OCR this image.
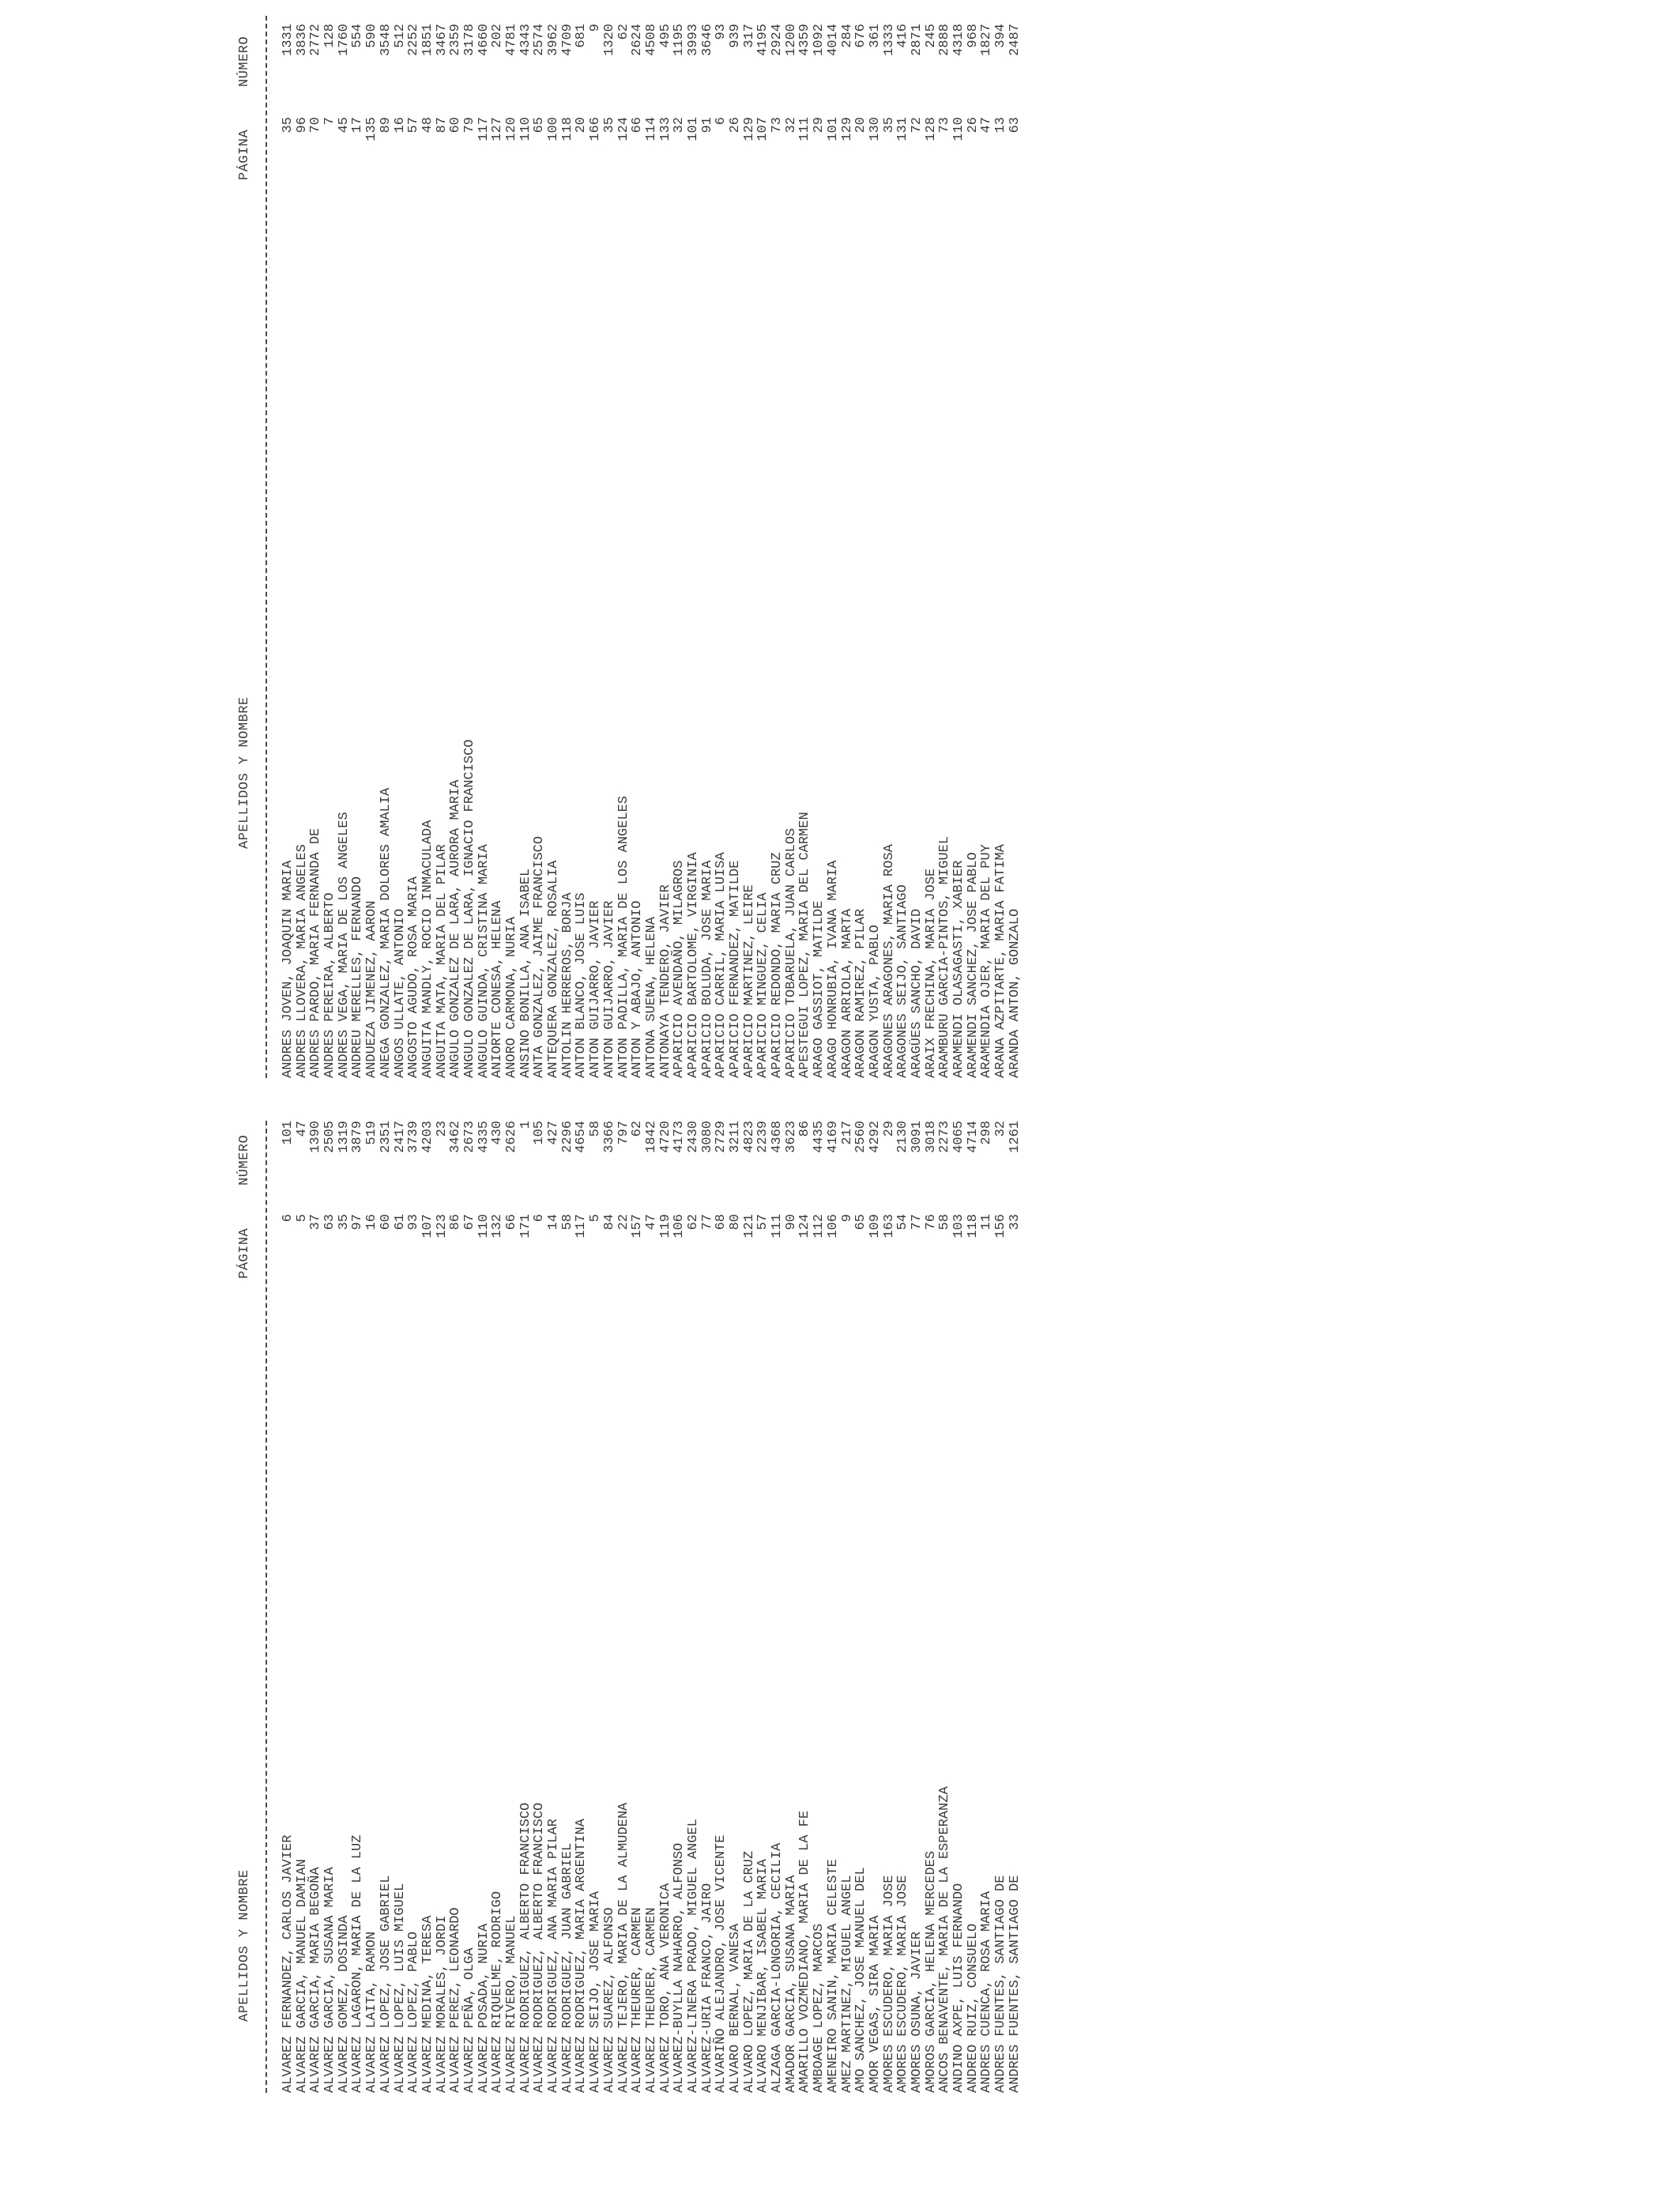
APELLIDOS Y NOMBRE
PÁGINA
NÚMERO
ALVAREZ FERNANDEZ, CARLOS JAVIER
6
101
ALVAREZ GARCIA, MANUEL DAMIAN
5
47
ALVAREZ GARCIA, MARIA BEGOÑA
37
1390
ALVAREZ GARCIA, SUSANA MARIA
63
2505
ALVAREZ GOMEZ, DOSINDA
35
1319
ALVAREZ LAGARON, MARIA DE LA LUZ
97
3879
ALVAREZ LAITA, RAMON
16
519
ALVAREZ LOPEZ, JOSE GABRIEL
60
2351
ALVAREZ LOPEZ, LUIS MIGUEL
61
2417
ALVAREZ LOPEZ, PABLO
93
3739
ALVAREZ MEDINA, TERESA
107
4203
ALVAREZ MORALES, JORDI
123
23
ALVAREZ PEREZ, LEONARDO
86
3462
ALVAREZ PEÑA, OLGA
67
2673
ALVAREZ POSADA, NURIA
110
4335
ALVAREZ RIQUELME, RODRIGO
132
430
ALVAREZ RIVERO, MANUEL
66
2626
ALVAREZ RODRIGUEZ, ALBERTO FRANCISCO
171
1
ALVAREZ RODRIGUEZ, ALBERTO FRANCISCO
6
105
ALVAREZ RODRIGUEZ, ANA MARIA PILAR
14
427
ALVAREZ RODRIGUEZ, JUAN GABRIEL
58
2296
ALVAREZ RODRIGUEZ, MARIA ARGENTINA
117
4654
ALVAREZ SEIJO, JOSE MARIA
5
58
ALVAREZ SUAREZ, ALFONSO
84
3366
ALVAREZ TEJERO, MARIA DE LA ALMUDENA
22
797
ALVAREZ THEURER, CARMEN
157
62
ALVAREZ THEURER, CARMEN
47
1842
ALVAREZ TORO, ANA VERONICA
119
4720
ALVAREZ-BUYLLA NAHARRO, ALFONSO
106
4173
ALVAREZ-LINERA PRADO, MIGUEL ANGEL
62
2430
ALVAREZ-URIA FRANCO, JAIRO
77
3080
ALVARIÑO ALEJANDRO, JOSE VICENTE
68
2729
ALVARO BERNAL, VANESA
80
3211
ALVARO LOPEZ, MARIA DE LA CRUZ
121
4823
ALVARO MENJIBAR, ISABEL MARIA
57
2239
ALZAGA GARCIA-LONGORIA, CECILIA
111
4368
AMADOR GARCIA, SUSANA MARIA
90
3623
AMARILLO VOZMEDIANO, MARIA DE LA FE
124
86
AMBOAGE LOPEZ, MARCOS
112
4435
AMENEIRO SANIN, MARIA CELESTE
106
4169
AMEZ MARTINEZ, MIGUEL ANGEL
9
217
AMO SANCHEZ, JOSE MANUEL DEL
65
2560
AMOR VEGAS, SIRA MARIA
109
4292
AMORES ESCUDERO, MARIA JOSE
163
29
AMORES ESCUDERO, MARIA JOSE
54
2130
AMORES OSUNA, JAVIER
77
3091
AMOROS GARCIA, HELENA MERCEDES
76
3018
ANCOS BENAVENTE, MARIA DE LA ESPERANZA
58
2273
ANDINO AXPE, LUIS FERNANDO
103
4065
ANDREO RUIZ, CONSUELO
118
4714
ANDRES CUENCA, ROSA MARIA
11
298
ANDRES FUENTES, SANTIAGO DE
156
32
ANDRES FUENTES, SANTIAGO DE
33
1261
APELLIDOS Y NOMBRE
PÁGINA
NÚMERO
ANDRES JOVEN, JOAQUIN MARIA
35
1331
ANDRES LLOVERA, MARIA ANGELES
96
3836
ANDRES PARDO, MARIA FERNANDA DE
70
2772
ANDRES PEREIRA, ALBERTO
7
128
ANDRES VEGA, MARIA DE LOS ANGELES
45
1760
ANDREU MERELLES, FERNANDO
17
554
ANDUEZA JIMENEZ, AARON
135
590
ANEGA GONZALEZ, MARIA DOLORES AMALIA
89
3548
ANGOS ULLATE, ANTONIO
16
512
ANGOSTO AGUDO, ROSA MARIA
57
2252
ANGUITA MANDLY, ROCIO INMACULADA
48
1851
ANGUITA MATA, MARIA DEL PILAR
87
3467
ANGULO GONZALEZ DE LARA, AURORA MARIA
60
2359
ANGULO GONZALEZ DE LARA, IGNACIO FRANCISCO
79
3178
ANGULO GUINDA, CRISTINA MARIA
117
4660
ANIORTE CONESA, HELENA
127
202
ANORO CARMONA, NURIA
120
4781
ANSINO BONILLA, ANA ISABEL
110
4343
ANTA GONZALEZ, JAIME FRANCISCO
65
2574
ANTEQUERA GONZALEZ, ROSALIA
100
3962
ANTOLIN HERREROS, BORJA
118
4709
ANTON BLANCO, JOSE LUIS
20
681
ANTON GUIJARRO, JAVIER
166
9
ANTON GUIJARRO, JAVIER
35
1320
ANTON PADILLA, MARIA DE LOS ANGELES
124
62
ANTON Y ABAJO, ANTONIO
66
2624
ANTONA SUENA, HELENA
114
4508
ANTONAYA TENDERO, JAVIER
133
495
APARICIO AVENDAÑO, MILAGROS
32
1195
APARICIO BARTOLOME, VIRGINIA
101
3993
APARICIO BOLUDA, JOSE MARIA
91
3646
APARICIO CARRIL, MARIA LUISA
6
93
APARICIO FERNANDEZ, MATILDE
26
939
APARICIO MARTINEZ, LEIRE
129
317
APARICIO MINGUEZ, CELIA
107
4195
APARICIO REDONDO, MARIA CRUZ
73
2924
APARICIO TOBARUELA, JUAN CARLOS
32
1200
APESTEGUI LOPEZ, MARIA DEL CARMEN
111
4359
ARAGO GASSIOT, MATILDE
29
1092
ARAGO HONRUBIA, IVANA MARIA
101
4014
ARAGON ARRIOLA, MARTA
129
284
ARAGON RAMIREZ, PILAR
20
676
ARAGON YUSTA, PABLO
130
361
ARAGONES ARAGONES, MARIA ROSA
35
1333
ARAGONES SEIJO, SANTIAGO
131
416
ARAGÜES SANCHO, DAVID
72
2871
ARAIX FRECHINA, MARIA JOSE
128
245
ARAMBURU GARCIA-PINTOS, MIGUEL
73
2888
ARAMENDI OLASAGASTI, XABIER
110
4318
ARAMENDI SANCHEZ, JOSE PABLO
26
968
ARAMENDIA OJER, MARIA DEL PUY
47
1827
ARANA AZPITARTE, MARIA FATIMA
13
394
ARANDA ANTON, GONZALO
63
2487
